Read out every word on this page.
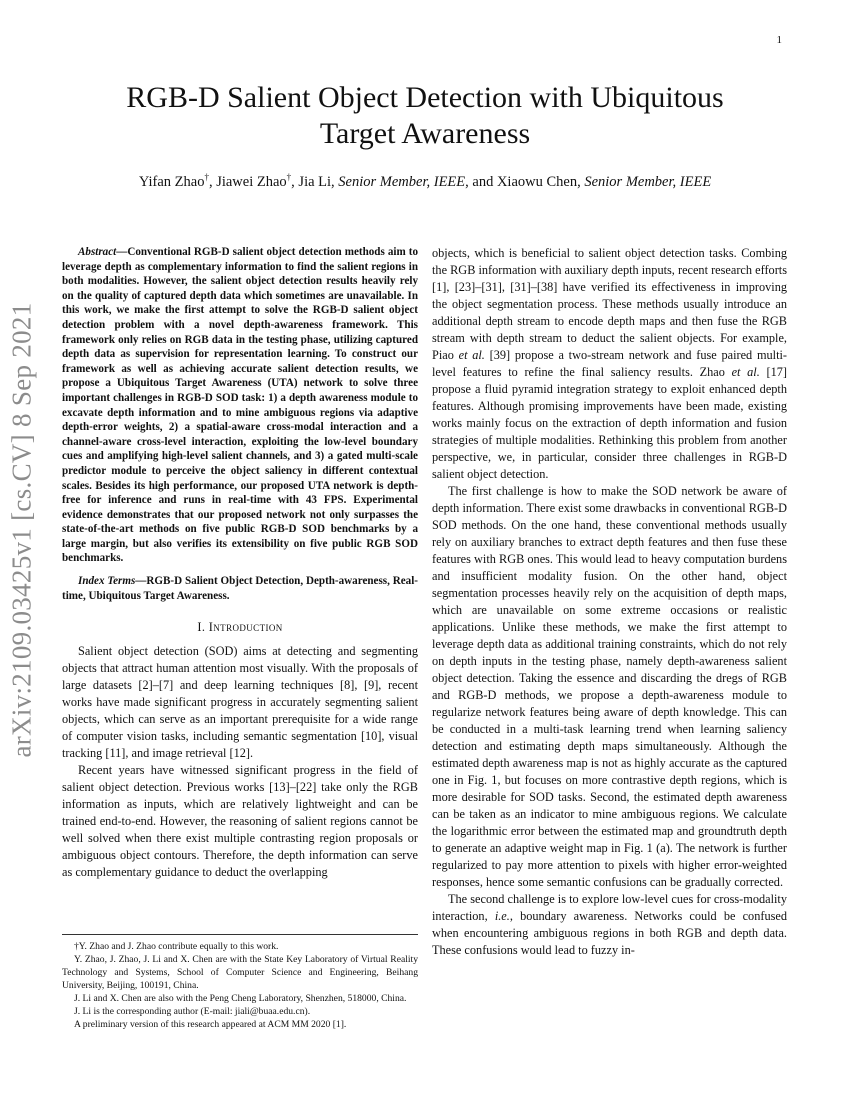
1
arXiv:2109.03425v1 [cs.CV] 8 Sep 2021
RGB-D Salient Object Detection with Ubiquitous
Target Awareness
Yifan Zhao†, Jiawei Zhao†, Jia Li, Senior Member, IEEE, and Xiaowu Chen, Senior Member, IEEE

Abstract—Conventional RGB-D salient object detection methods aim to leverage depth as complementary information to find the salient regions in both modalities. However, the salient object detection results heavily rely on the quality of captured depth data which sometimes are unavailable. In this work, we make the first attempt to solve the RGB-D salient object detection problem with a novel depth-awareness framework. This framework only relies on RGB data in the testing phase, utilizing captured depth data as supervision for representation learning. To construct our framework as well as achieving accurate salient detection results, we propose a Ubiquitous Target Awareness (UTA) network to solve three important challenges in RGB-D SOD task: 1) a depth awareness module to excavate depth information and to mine ambiguous regions via adaptive depth-error weights, 2) a spatial-aware cross-modal interaction and a channel-aware cross-level interaction, exploiting the low-level boundary cues and amplifying high-level salient channels, and 3) a gated multi-scale predictor module to perceive the object saliency in different contextual scales. Besides its high performance, our proposed UTA network is depth-free for inference and runs in real-time with 43 FPS. Experimental evidence demonstrates that our proposed network not only surpasses the state-of-the-art methods on five public RGB-D SOD benchmarks by a large margin, but also verifies its extensibility on five public RGB SOD benchmarks.

Index Terms—RGB-D Salient Object Detection, Depth-awareness, Real-time, Ubiquitous Target Awareness.

I. Introduction

Salient object detection (SOD) aims at detecting and segmenting objects that attract human attention most visually. With the proposals of large datasets [2]–[7] and deep learning techniques [8], [9], recent works have made significant progress in accurately segmenting salient objects, which can serve as an important prerequisite for a wide range of computer vision tasks, including semantic segmentation [10], visual tracking [11], and image retrieval [12].

Recent years have witnessed significant progress in the field of salient object detection. Previous works [13]–[22] take only the RGB information as inputs, which are relatively lightweight and can be trained end-to-end. However, the reasoning of salient regions cannot be well solved when there exist multiple contrasting region proposals or ambiguous object contours. Therefore, the depth information can serve as complementary guidance to deduct the overlapping

†Y. Zhao and J. Zhao contribute equally to this work.

Y. Zhao, J. Zhao, J. Li and X. Chen are with the State Key Laboratory of Virtual Reality Technology and Systems, School of Computer Science and Engineering, Beihang University, Beijing, 100191, China.

J. Li and X. Chen are also with the Peng Cheng Laboratory, Shenzhen, 518000, China.

J. Li is the corresponding author (E-mail: jiali@buaa.edu.cn).

A preliminary version of this research appeared at ACM MM 2020 [1].

objects, which is beneficial to salient object detection tasks. Combing the RGB information with auxiliary depth inputs, recent research efforts [1], [23]–[31], [31]–[38] have verified its effectiveness in improving the object segmentation process. These methods usually introduce an additional depth stream to encode depth maps and then fuse the RGB stream with depth stream to deduct the salient objects. For example, Piao et al. [39] propose a two-stream network and fuse paired multi-level features to refine the final saliency results. Zhao et al. [17] propose a fluid pyramid integration strategy to exploit enhanced depth features. Although promising improvements have been made, existing works mainly focus on the extraction of depth information and fusion strategies of multiple modalities. Rethinking this problem from another perspective, we, in particular, consider three challenges in RGB-D salient object detection.

The first challenge is how to make the SOD network be aware of depth information. There exist some drawbacks in conventional RGB-D SOD methods. On the one hand, these conventional methods usually rely on auxiliary branches to extract depth features and then fuse these features with RGB ones. This would lead to heavy computation burdens and insufficient modality fusion. On the other hand, object segmentation processes heavily rely on the acquisition of depth maps, which are unavailable on some extreme occasions or realistic applications. Unlike these methods, we make the first attempt to leverage depth data as additional training constraints, which do not rely on depth inputs in the testing phase, namely depth-awareness salient object detection. Taking the essence and discarding the dregs of RGB and RGB-D methods, we propose a depth-awareness module to regularize network features being aware of depth knowledge. This can be conducted in a multi-task learning trend when learning saliency detection and estimating depth maps simultaneously. Although the estimated depth awareness map is not as highly accurate as the captured one in Fig. 1, but focuses on more contrastive depth regions, which is more desirable for SOD tasks. Second, the estimated depth awareness can be taken as an indicator to mine ambiguous regions. We calculate the logarithmic error between the estimated map and groundtruth depth to generate an adaptive weight map in Fig. 1 (a). The network is further regularized to pay more attention to pixels with higher error-weighted responses, hence some semantic confusions can be gradually corrected.

The second challenge is to explore low-level cues for cross-modality interaction, i.e., boundary awareness. Networks could be confused when encountering ambiguous regions in both RGB and depth data. These confusions would lead to fuzzy in-
